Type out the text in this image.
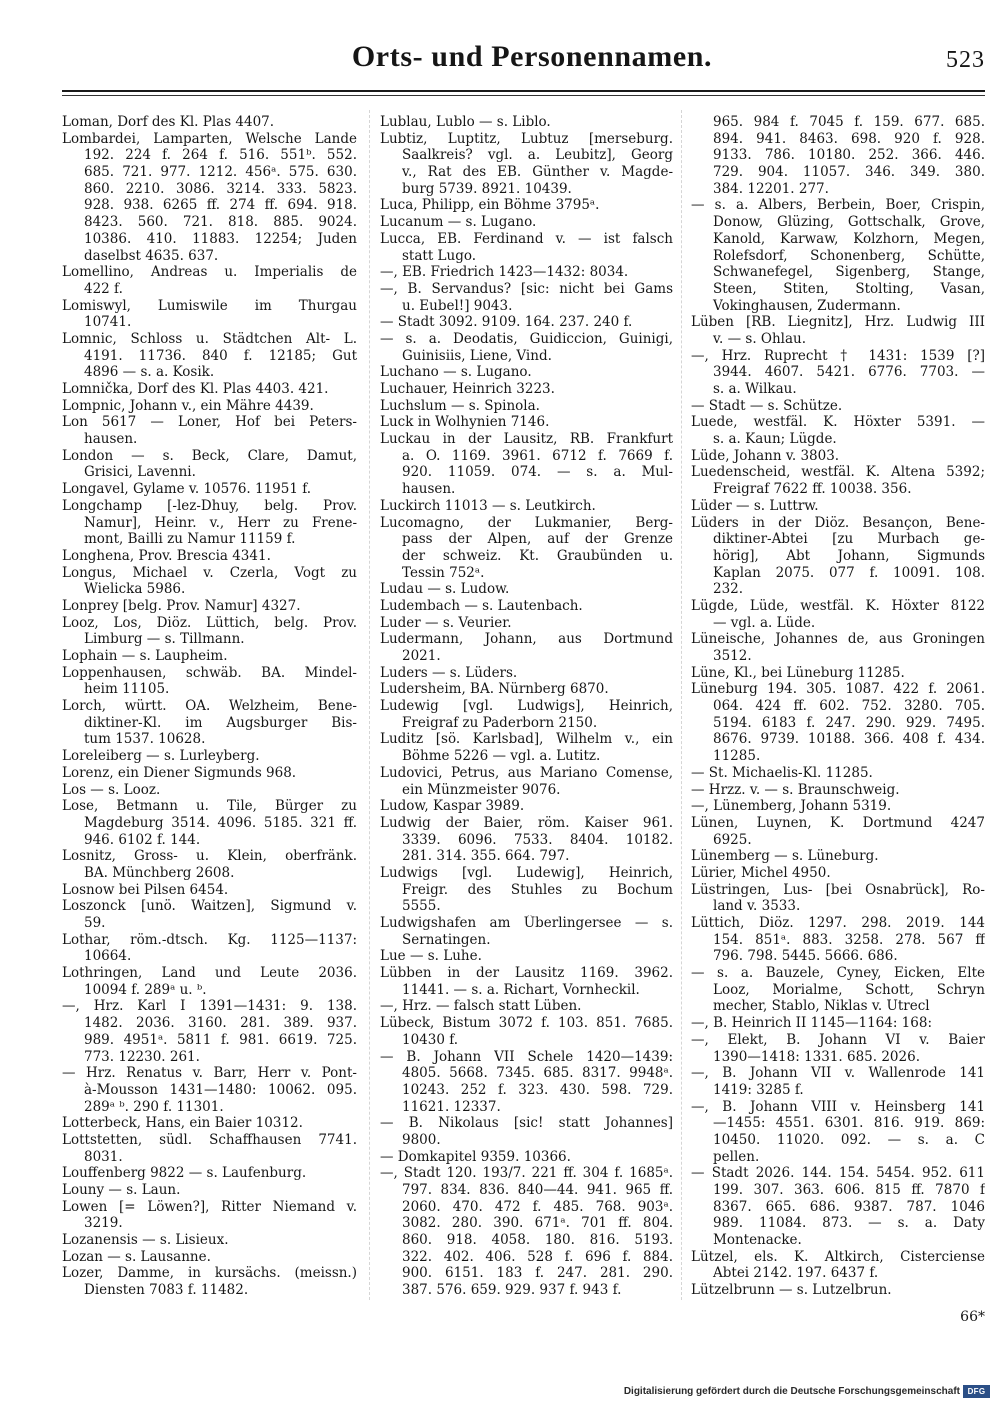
Orts- und Personennamen.	523
Loman, Dorf des Kl. Plas 4407.
Lombardei, Lamparten, Welsche Lande
192. 224 f. 264 f. 516. 551ᵇ. 552.
685. 721. 977. 1212. 456ᵃ. 575. 630.
860. 2210. 3086. 3214. 333. 5823.
928. 938. 6265 ff. 274 ff. 694. 918.
8423. 560. 721. 818. 885. 9024.
10386. 410. 11883. 12254; Juden
daselbst 4635. 637.
Lomellino, Andreas u. Imperialis de
422 f.
Lomiswyl, Lumiswile im Thurgau
10741.
Lomnic, Schloss u. Städtchen Alt- L.
4191. 11736. 840 f. 12185; Gut
4896 — s. a. Kosik.
Lomnička, Dorf des Kl. Plas 4403. 421.
Lompnic, Johann v., ein Mähre 4439.
Lon 5617 — Loner, Hof bei Peters-
hausen.
London — s. Beck, Clare, Damut,
Grisici, Lavenni.
Longavel, Gylame v. 10576. 11951 f.
Longchamp [-lez-Dhuy, belg. Prov.
Namur], Heinr. v., Herr zu Frene-
mont, Bailli zu Namur 11159 f.
Longhena, Prov. Brescia 4341.
Longus, Michael v. Czerla, Vogt zu
Wielicka 5986.
Lonprey [belg. Prov. Namur] 4327.
Looz, Los, Diöz. Lüttich, belg. Prov.
Limburg — s. Tillmann.
Lophain — s. Laupheim.
Loppenhausen, schwäb. BA. Mindel-
heim 11105.
Lorch, württ. OA. Welzheim, Bene-
diktiner-Kl. im Augsburger Bis-
tum 1537. 10628.
Loreleiberg — s. Lurleyberg.
Lorenz, ein Diener Sigmunds 968.
Los — s. Looz.
Lose, Betmann u. Tile, Bürger zu
Magdeburg 3514. 4096. 5185. 321 ff.
946. 6102 f. 144.
Losnitz, Gross- u. Klein, oberfränk.
BA. Münchberg 2608.
Losnow bei Pilsen 6454.
Loszonck [unö. Waitzen], Sigmund v.
59.
Lothar, röm.-dtsch. Kg. 1125—1137:
10664.
Lothringen, Land und Leute 2036.
10094 f. 289ᵃ u. ᵇ.
—, Hrz. Karl I 1391—1431: 9. 138.
1482. 2036. 3160. 281. 389. 937.
989. 4951ᵃ. 5811 f. 981. 6619. 725.
773. 12230. 261.
— Hrz. Renatus v. Barr, Herr v. Pont-
à-Mousson 1431—1480: 10062. 095.
289ᵃ ᵇ. 290 f. 11301.
Lotterbeck, Hans, ein Baier 10312.
Lottstetten, südl. Schaffhausen 7741.
8031.
Louffenberg 9822 — s. Laufenburg.
Louny — s. Laun.
Lowen [= Löwen?], Ritter Niemand v.
3219.
Lozanensis — s. Lisieux.
Lozan — s. Lausanne.
Lozer, Damme, in kursächs. (meissn.)
Diensten 7083 f. 11482.
Lublau, Lublo — s. Liblo.
Lubtiz, Luptitz, Lubtuz [merseburg.
Saalkreis? vgl. a. Leubitz], Georg
v., Rat des EB. Günther v. Magde-
burg 5739. 8921. 10439.
Luca, Philipp, ein Böhme 3795ᵃ.
Lucanum — s. Lugano.
Lucca, EB. Ferdinand v. — ist falsch
statt Lugo.
—, EB. Friedrich 1423—1432: 8034.
—, B. Servandus? [sic: nicht bei Gams
u. Eubel!] 9043.
— Stadt 3092. 9109. 164. 237. 240 f.
— s. a. Deodatis, Guidiccion, Guinigi,
Guinisiis, Liene, Vind.
Luchano — s. Lugano.
Luchauer, Heinrich 3223.
Luchslum — s. Spinola.
Luck in Wolhynien 7146.
Luckau in der Lausitz, RB. Frankfurt
a. O. 1169. 3961. 6712 f. 7669 f.
920. 11059. 074. — s. a. Mul-
hausen.
Luckirch 11013 — s. Leutkirch.
Lucomagno, der Lukmanier, Berg-
pass der Alpen, auf der Grenze
der schweiz. Kt. Graubünden u.
Tessin 752ᵃ.
Ludau — s. Ludow.
Ludembach — s. Lautenbach.
Luder — s. Veurier.
Ludermann, Johann, aus Dortmund
2021.
Luders — s. Lüders.
Ludersheim, BA. Nürnberg 6870.
Ludewig [vgl. Ludwigs], Heinrich,
Freigraf zu Paderborn 2150.
Luditz [sö. Karlsbad], Wilhelm v., ein
Böhme 5226 — vgl. a. Lutitz.
Ludovici, Petrus, aus Mariano Comense,
ein Münzmeister 9076.
Ludow, Kaspar 3989.
Ludwig der Baier, röm. Kaiser 961.
3339. 6096. 7533. 8404. 10182.
281. 314. 355. 664. 797.
Ludwigs [vgl. Ludewig], Heinrich,
Freigr. des Stuhles zu Bochum
5555.
Ludwigshafen am Überlingersee — s.
Sernatingen.
Lue — s. Luhe.
Lübben in der Lausitz 1169. 3962.
11441. — s. a. Richart, Vornheckil.
—, Hrz. — falsch statt Lüben.
Lübeck, Bistum 3072 f. 103. 851. 7685.
10430 f.
— B. Johann VII Schele 1420—1439:
4805. 5668. 7345. 685. 8317. 9948ᵃ.
10243. 252 f. 323. 430. 598. 729.
11621. 12337.
— B. Nikolaus [sic! statt Johannes]
9800.
— Domkapitel 9359. 10366.
—, Stadt 120. 193/7. 221 ff. 304 f. 1685ᵃ.
797. 834. 836. 840—44. 941. 965 ff.
2060. 470. 472 f. 485. 768. 903ᵃ.
3082. 280. 390. 671ᵃ. 701 ff. 804.
860. 918. 4058. 180. 816. 5193.
322. 402. 406. 528 f. 696 f. 884.
900. 6151. 183 f. 247. 281. 290.
387. 576. 659. 929. 937 f. 943 f.
965. 984 f. 7045 f. 159. 677. 685.
894. 941. 8463. 698. 920 f. 928.
9133. 786. 10180. 252. 366. 446.
729. 904. 11057. 346. 349. 380.
384. 12201. 277.
— s. a. Albers, Berbein, Boer, Crispin,
Donow, Glüzing, Gottschalk, Grove,
Kanold, Karwaw, Kolzhorn, Megen,
Rolefsdorf, Schonenberg, Schütte,
Schwanefegel, Sigenberg, Stange,
Steen, Stiten, Stolting, Vasan,
Vokinghausen, Zudermann.
Lüben [RB. Liegnitz], Hrz. Ludwig III
v. — s. Ohlau.
—, Hrz. Ruprecht † 1431: 1539 [?]
3944. 4607. 5421. 6776. 7703. —
s. a. Wilkau.
— Stadt — s. Schütze.
Luede, westfäl. K. Höxter 5391. —
s. a. Kaun; Lügde.
Lüde, Johann v. 3803.
Luedenscheid, westfäl. K. Altena 5392;
Freigraf 7622 ff. 10038. 356.
Lüder — s. Luttrw.
Lüders in der Diöz. Besançon, Bene-
diktiner-Abtei [zu Murbach ge-
hörig], Abt Johann, Sigmunds
Kaplan 2075. 077 f. 10091. 108.
232.
Lügde, Lüde, westfäl. K. Höxter 8122
— vgl. a. Lüde.
Lüneische, Johannes de, aus Groningen
3512.
Lüne, Kl., bei Lüneburg 11285.
Lüneburg 194. 305. 1087. 422 f. 2061.
064. 424 ff. 602. 752. 3280. 705.
5194. 6183 f. 247. 290. 929. 7495.
8676. 9739. 10188. 366. 408 f. 434.
11285.
— St. Michaelis-Kl. 11285.
— Hrzz. v. — s. Braunschweig.
—, Lünemberg, Johann 5319.
Lünen, Luynen, K. Dortmund 4247
6925.
Lünemberg — s. Lüneburg.
Lürier, Michel 4950.
Lüstringen, Lus- [bei Osnabrück], Ro-
land v. 3533.
Lüttich, Diöz. 1297. 298. 2019. 144
154. 851ᵃ. 883. 3258. 278. 567 ff
796. 798. 5445. 5666. 686.
— s. a. Bauzele, Cyney, Eicken, Elte
Looz, Morialme, Schott, Schryn
mecher, Stablo, Niklas v. Utrecl
—, B. Heinrich II 1145—1164: 168:
—, Elekt, B. Johann VI v. Baier
1390—1418: 1331. 685. 2026.
—, B. Johann VII v. Wallenrode 141
1419: 3285 f.
—, B. Johann VIII v. Heinsberg 141
—1455: 4551. 6301. 816. 919. 869:
10450. 11020. 092. — s. a. C
pellen.
— Stadt 2026. 144. 154. 5454. 952. 611
199. 307. 363. 606. 815 ff. 7870 f
8367. 665. 686. 9387. 787. 1046
989. 11084. 873. — s. a. Daty
Montenacke.
Lützel, els. K. Altkirch, Cisterciense
Abtei 2142. 197. 6437 f.
Lützelbrunn — s. Lutzelbrun.
66*
Digitalisierung gefördert durch die Deutsche Forschungsgemeinschaft DFG
